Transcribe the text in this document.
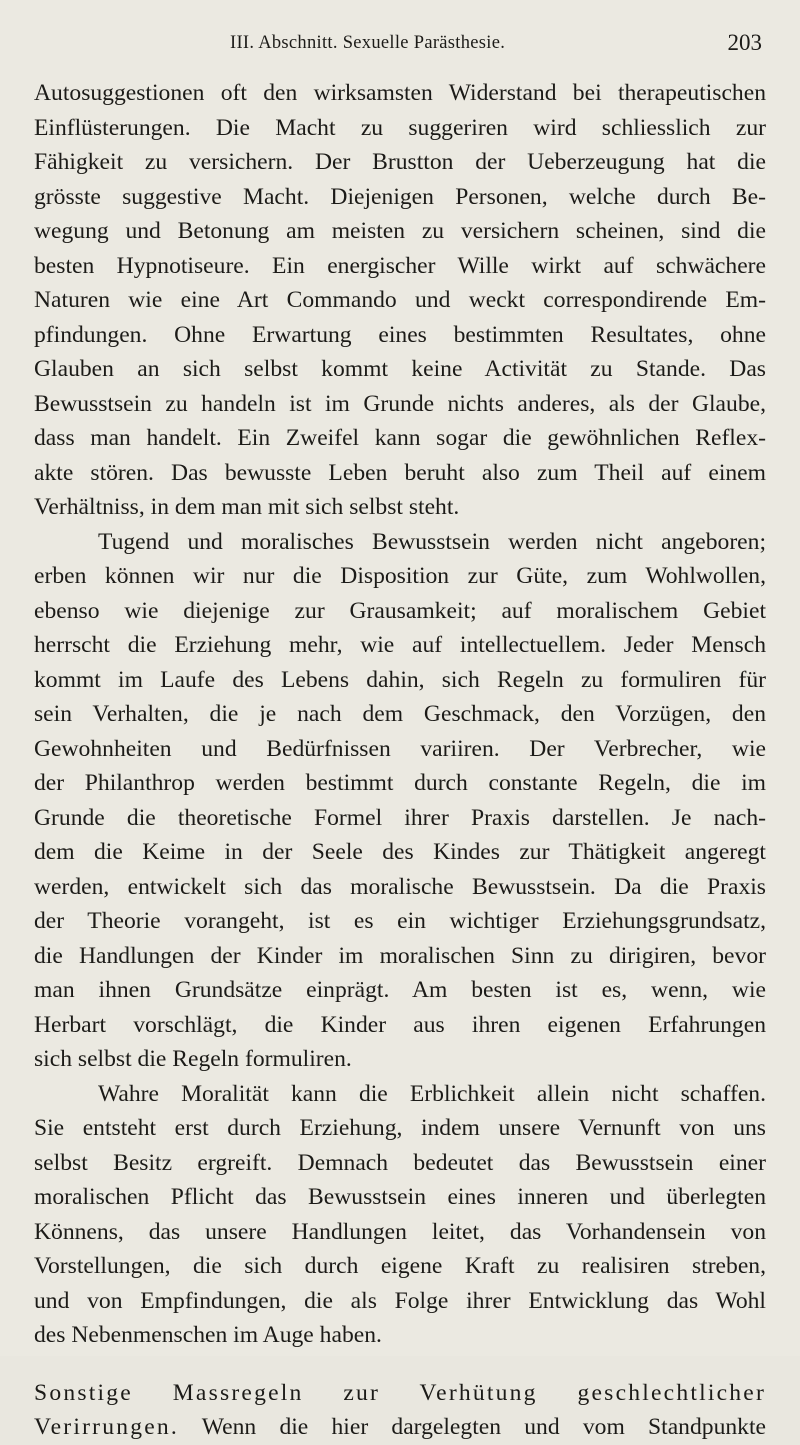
III. Abschnitt. Sexuelle Parästhesie.	203
Autosuggestionen oft den wirksamsten Widerstand bei therapeutischen
Einflüsterungen. Die Macht zu suggeriren wird schliesslich zur
Fähigkeit zu versichern. Der Brustton der Ueberzeugung hat die
grösste suggestive Macht. Diejenigen Personen, welche durch Be-
wegung und Betonung am meisten zu versichern scheinen, sind die
besten Hypnotiseure. Ein energischer Wille wirkt auf schwächere
Naturen wie eine Art Commando und weckt correspondirende Em-
pfindungen. Ohne Erwartung eines bestimmten Resultates, ohne
Glauben an sich selbst kommt keine Activität zu Stande. Das
Bewusstsein zu handeln ist im Grunde nichts anderes, als der Glaube,
dass man handelt. Ein Zweifel kann sogar die gewöhnlichen Reflex-
akte stören. Das bewusste Leben beruht also zum Theil auf einem
Verhältniss, in dem man mit sich selbst steht.
Tugend und moralisches Bewusstsein werden nicht angeboren;
erben können wir nur die Disposition zur Güte, zum Wohlwollen,
ebenso wie diejenige zur Grausamkeit; auf moralischem Gebiet
herrscht die Erziehung mehr, wie auf intellectuellem. Jeder Mensch
kommt im Laufe des Lebens dahin, sich Regeln zu formuliren für
sein Verhalten, die je nach dem Geschmack, den Vorzügen, den
Gewohnheiten und Bedürfnissen variiren. Der Verbrecher, wie
der Philanthrop werden bestimmt durch constante Regeln, die im
Grunde die theoretische Formel ihrer Praxis darstellen. Je nach-
dem die Keime in der Seele des Kindes zur Thätigkeit angeregt
werden, entwickelt sich das moralische Bewusstsein. Da die Praxis
der Theorie vorangeht, ist es ein wichtiger Erziehungsgrundsatz,
die Handlungen der Kinder im moralischen Sinn zu dirigiren, bevor
man ihnen Grundsätze einprägt. Am besten ist es, wenn, wie
Herbart vorschlägt, die Kinder aus ihren eigenen Erfahrungen
sich selbst die Regeln formuliren.
Wahre Moralität kann die Erblichkeit allein nicht schaffen.
Sie entsteht erst durch Erziehung, indem unsere Vernunft von uns
selbst Besitz ergreift. Demnach bedeutet das Bewusstsein einer
moralischen Pflicht das Bewusstsein eines inneren und überlegten
Könnens, das unsere Handlungen leitet, das Vorhandensein von
Vorstellungen, die sich durch eigene Kraft zu realisiren streben,
und von Empfindungen, die als Folge ihrer Entwicklung das Wohl
des Nebenmenschen im Auge haben.
Sonstige Massregeln zur Verhütung geschlechtlicher
Verirrungen. Wenn die hier dargelegten und vom Standpunkte
